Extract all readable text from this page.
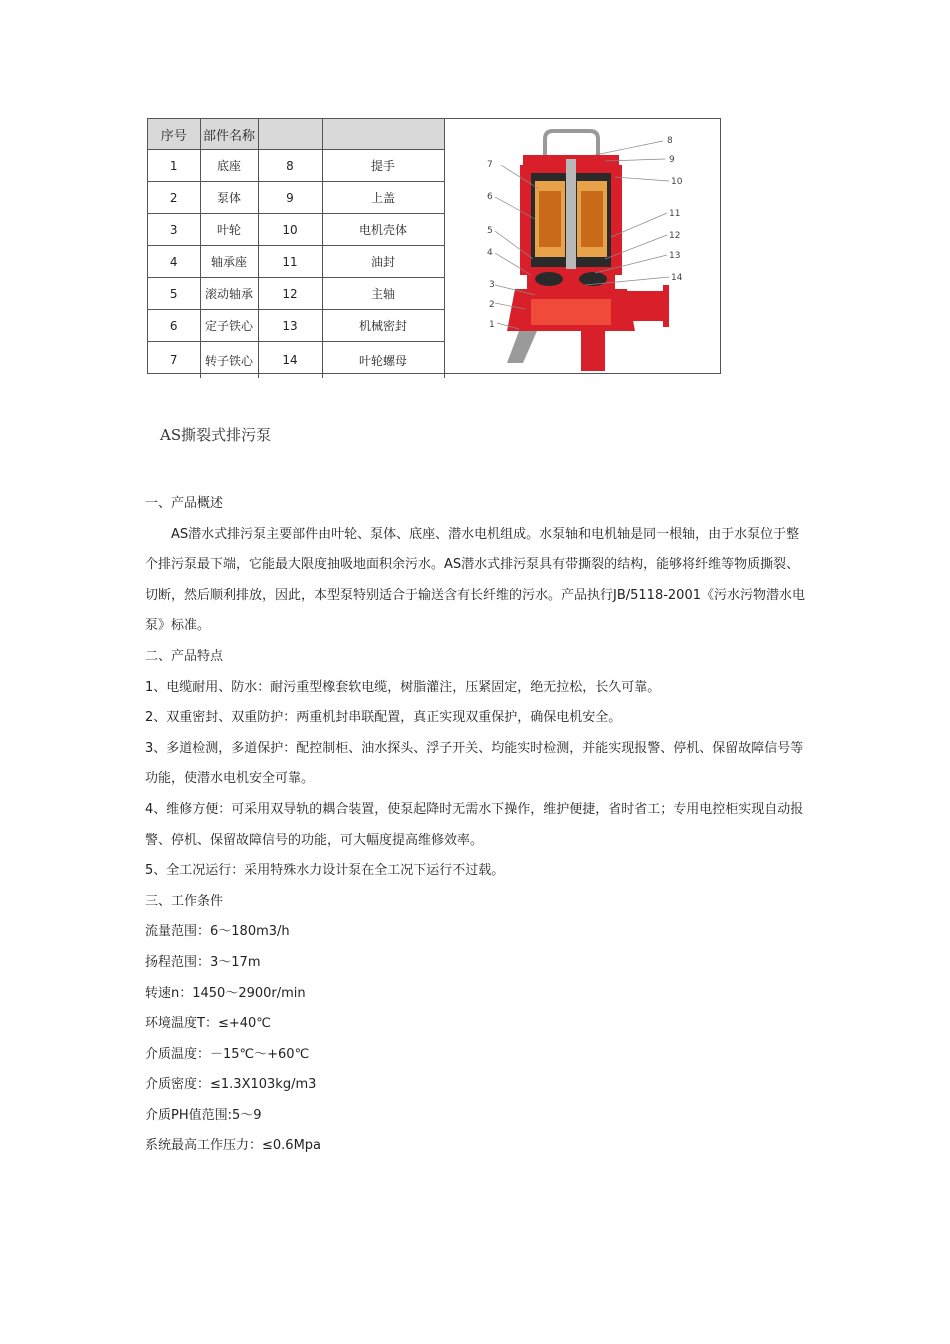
序号	部件名称		
1	底座	8	提手
2	泵体	9	上盖
3	叶轮	10	电机壳体
4	轴承座	11	油封
5	滚动轴承	12	主轴
6	定子铁心	13	机械密封
7	转子铁心	14	叶轮螺母
7
6
5
4
3
2
1
8
9
10
11
12
13
14
AS撕裂式排污泵

一、产品概述

AS潜水式排污泵主要部件由叶轮、泵体、底座、潜水电机组成。水泵轴和电机轴是同一根轴，由于水泵位于整个排污泵最下端，它能最大限度抽吸地面积余污水。AS潜水式排污泵具有带撕裂的结构，能够将纤维等物质撕裂、切断，然后顺利排放，因此，本型泵特别适合于输送含有长纤维的污水。产品执行JB/5118-2001《污水污物潜水电泵》标准。

二、产品特点

1、电缆耐用、防水：耐污重型橡套软电缆，树脂灌注，压紧固定，绝无拉松，长久可靠。

2、双重密封、双重防护：两重机封串联配置，真正实现双重保护，确保电机安全。

3、多道检测，多道保护：配控制柜、油水探头、浮子开关、均能实时检测，并能实现报警、停机、保留故障信号等功能，使潜水电机安全可靠。

4、维修方便：可采用双导轨的耦合装置，使泵起降时无需水下操作，维护便捷，省时省工；专用电控柜实现自动报警、停机、保留故障信号的功能，可大幅度提高维修效率。

5、全工况运行：采用特殊水力设计泵在全工况下运行不过载。

三、工作条件

流量范围：6～180m3/h

扬程范围：3～17m

转速n：1450～2900r/min

环境温度T：≤+40℃

介质温度：－15℃～+60℃

介质密度：≤1.3X103kg/m3

介质PH值范围:5～9

系统最高工作压力：≤0.6Mpa
